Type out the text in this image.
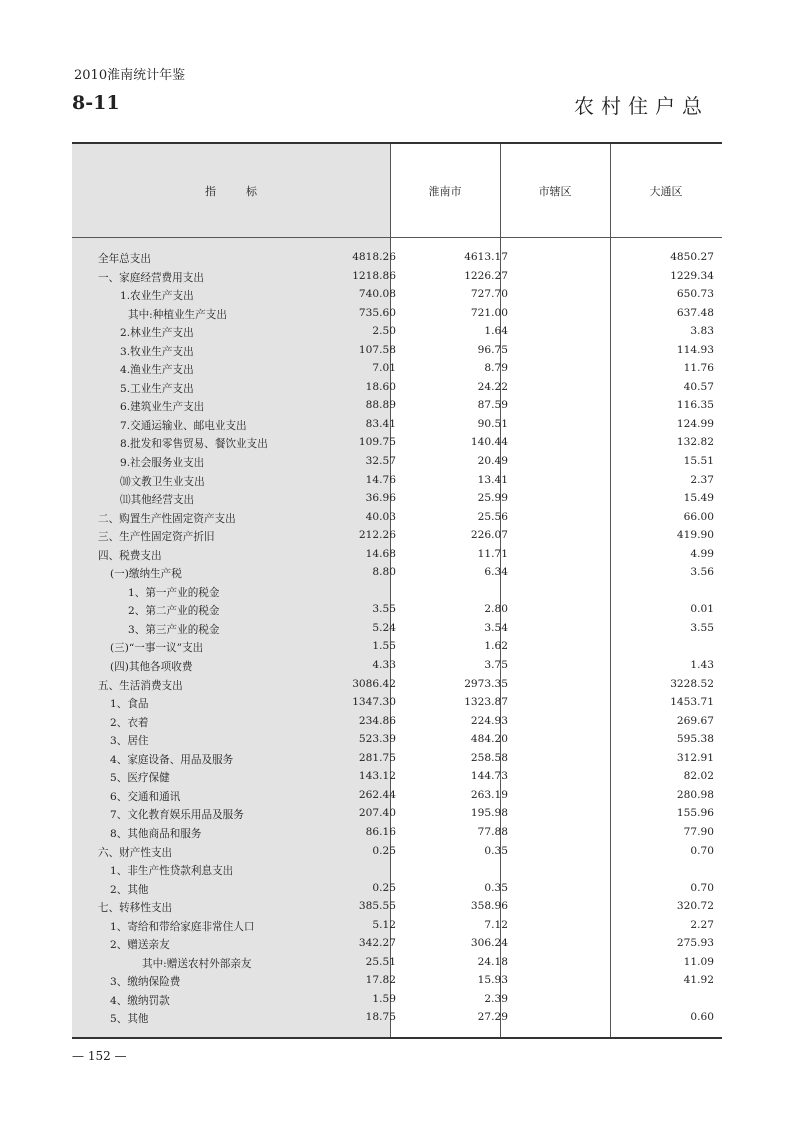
2010淮南统计年鉴
8-11	农村住户总
指标	淮南市	市辖区	大通区
全年总支出	4818.26	4613.17	4850.27
一、家庭经营费用支出	1218.86	1226.27	1229.34
1.农业生产支出	740.08	727.70	650.73
其中:种植业生产支出	735.60	721.00	637.48
2.林业生产支出	2.50	1.64	3.83
3.牧业生产支出	107.58	96.75	114.93
4.渔业生产支出	7.01	8.79	11.76
5.工业生产支出	18.60	24.22	40.57
6.建筑业生产支出	88.89	87.59	116.35
7.交通运输业、邮电业支出	83.41	90.51	124.99
8.批发和零售贸易、餐饮业支出	109.75	140.44	132.82
9.社会服务业支出	32.57	20.49	15.51
⑽文教卫生业支出	14.76	13.41	2.37
⑾其他经营支出	36.96	25.99	15.49
二、购置生产性固定资产支出	40.03	25.56	66.00
三、生产性固定资产折旧	212.26	226.07	419.90
四、税费支出	14.68	11.71	4.99
(一)缴纳生产税	8.80	6.34	3.56
1、第一产业的税金
2、第二产业的税金	3.55	2.80	0.01
3、第三产业的税金	5.24	3.54	3.55
(三)“一事一议”支出	1.55	1.62
(四)其他各项收费	4.33	3.75	1.43
五、生活消费支出	3086.42	2973.35	3228.52
1、食品	1347.30	1323.87	1453.71
2、衣着	234.86	224.93	269.67
3、居住	523.39	484.20	595.38
4、家庭设备、用品及服务	281.75	258.58	312.91
5、医疗保健	143.12	144.73	82.02
6、交通和通讯	262.44	263.19	280.98
7、文化教育娱乐用品及服务	207.40	195.98	155.96
8、其他商品和服务	86.16	77.88	77.90
六、财产性支出	0.25	0.35	0.70
1、非生产性贷款利息支出
2、其他	0.25	0.35	0.70
七、转移性支出	385.55	358.96	320.72
1、寄给和带给家庭非常住人口	5.12	7.12	2.27
2、赠送亲友	342.27	306.24	275.93
其中:赠送农村外部亲友	25.51	24.18	11.09
3、缴纳保险费	17.82	15.93	41.92
4、缴纳罚款	1.59	2.39
5、其他	18.75	27.29	0.60
— 152 —
